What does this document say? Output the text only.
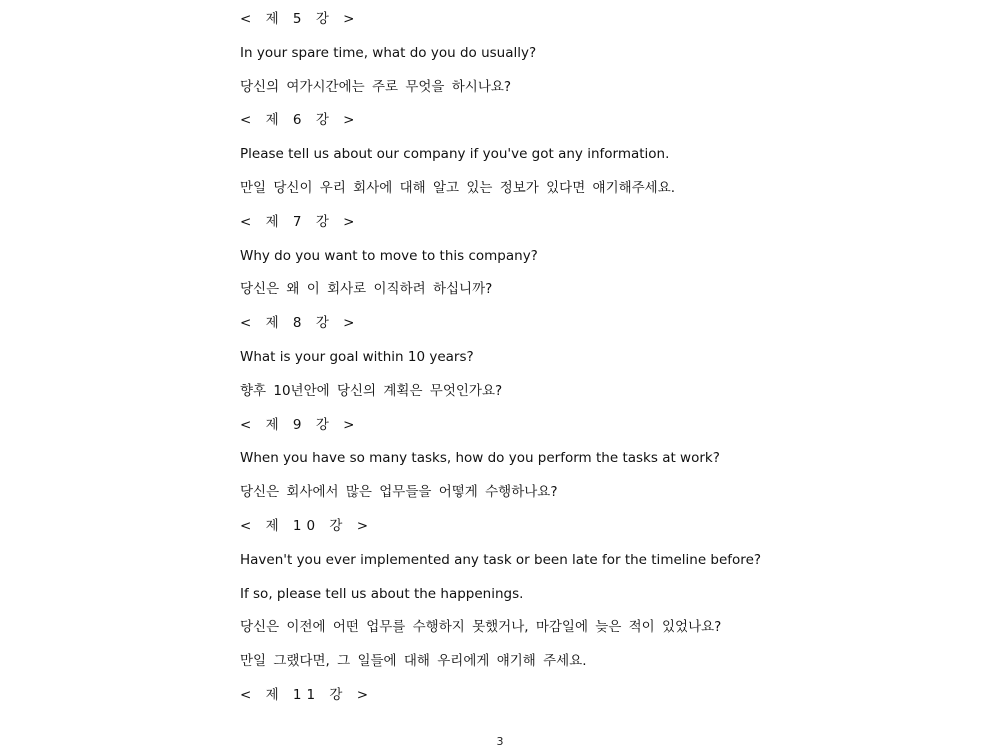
< 제 5 강 >
In your spare time, what do you do usually?
당신의 여가시간에는 주로 무엇을 하시나요?
< 제 6 강 >
Please tell us about our company if you've got any information.
만일 당신이 우리 회사에 대해 알고 있는 정보가 있다면 얘기해주세요.
< 제 7 강 >
Why do you want to move to this company?
당신은 왜 이 회사로 이직하려 하십니까?
< 제 8 강 >
What is your goal within 10 years?
향후 10년안에 당신의 계획은 무엇인가요?
< 제 9 강 >
When you have so many tasks, how do you perform the tasks at work?
당신은 회사에서 많은 업무들을 어떻게 수행하나요?
< 제 10 강 >
Haven't you ever implemented any task or been late for the timeline before?
If so, please tell us about the happenings.
당신은 이전에 어떤 업무를 수행하지 못했거나, 마감일에 늦은 적이 있었나요?
만일 그랬다면, 그 일들에 대해 우리에게 얘기해 주세요.
< 제 11 강 >
3
